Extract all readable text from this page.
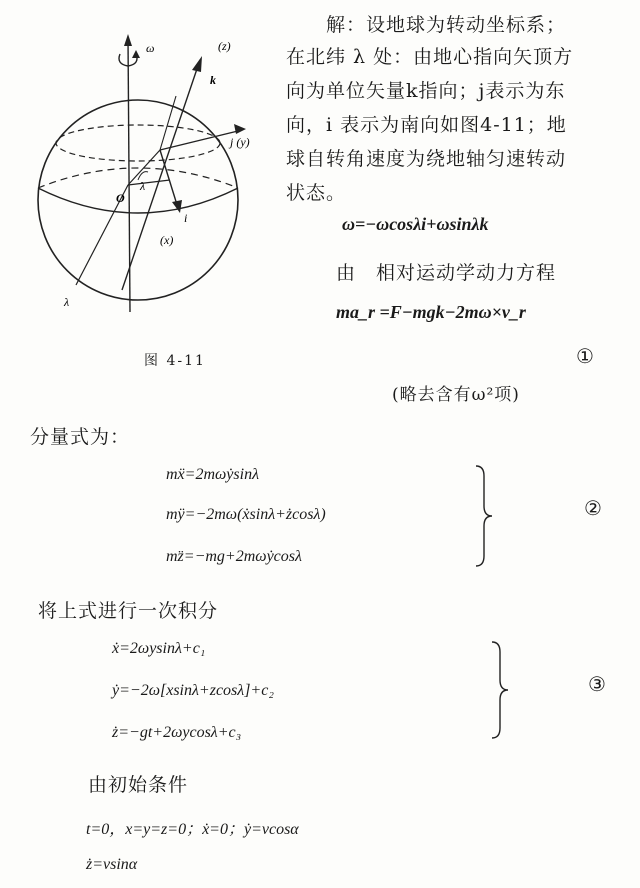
ω	(z)
k
j (y)
i
(x)
λ
O
λ
图 4-11
解：设地球为转动坐标系；
在北纬 λ 处：由地心指向矢顶方
向为单位矢量k指向；j表示为东
向，i 表示为南向如图4-11；地
球自转角速度为绕地轴匀速转动
状态。
ω=−ωcosλi+ωsinλk
由　相对运动学动力方程
ma_r =F−mgk−2mω×v_r
①
(略去含有ω²项)
分量式为：
mẍ=2mωẏsinλ
mÿ=−2mω(ẋsinλ+żcosλ)
mz̈=−mg+2mωẏcosλ
②
将上式进行一次积分
ẋ=2ωysinλ+c₁
ẏ=−2ω[xsinλ+zcosλ]+c₂
ż=−gt+2ωycosλ+c₃
③
由初始条件
t=0，x=y=z=0；ẋ=0；ẏ=vcosα
ż=vsinα
